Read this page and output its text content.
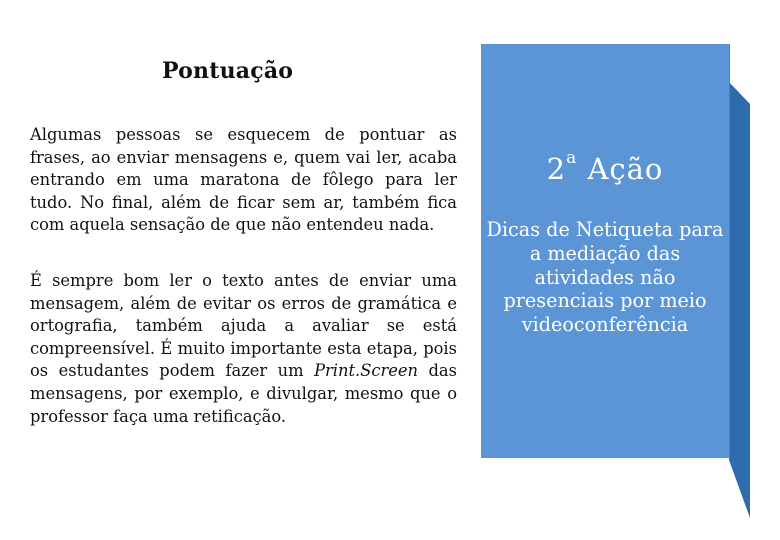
Pontuação

Algumas pessoas se esquecem de pontuar as frases, ao enviar mensagens e, quem vai ler, acaba entrando em uma maratona de fôlego para ler tudo. No final, além de ficar sem ar, também fica com aquela sensação de que não entendeu nada.

É sempre bom ler o texto antes de enviar uma mensagem, além de evitar os erros de gramática e ortografia, também ajuda a avaliar se está compreensível. É muito importante esta etapa, pois os estudantes podem fazer um Print.Screen das mensagens, por exemplo, e divulgar, mesmo que o professor faça uma retificação.

2$^a$ Ação

Dicas de Netiqueta para a mediação das atividades não presenciais por meio videoconferência
